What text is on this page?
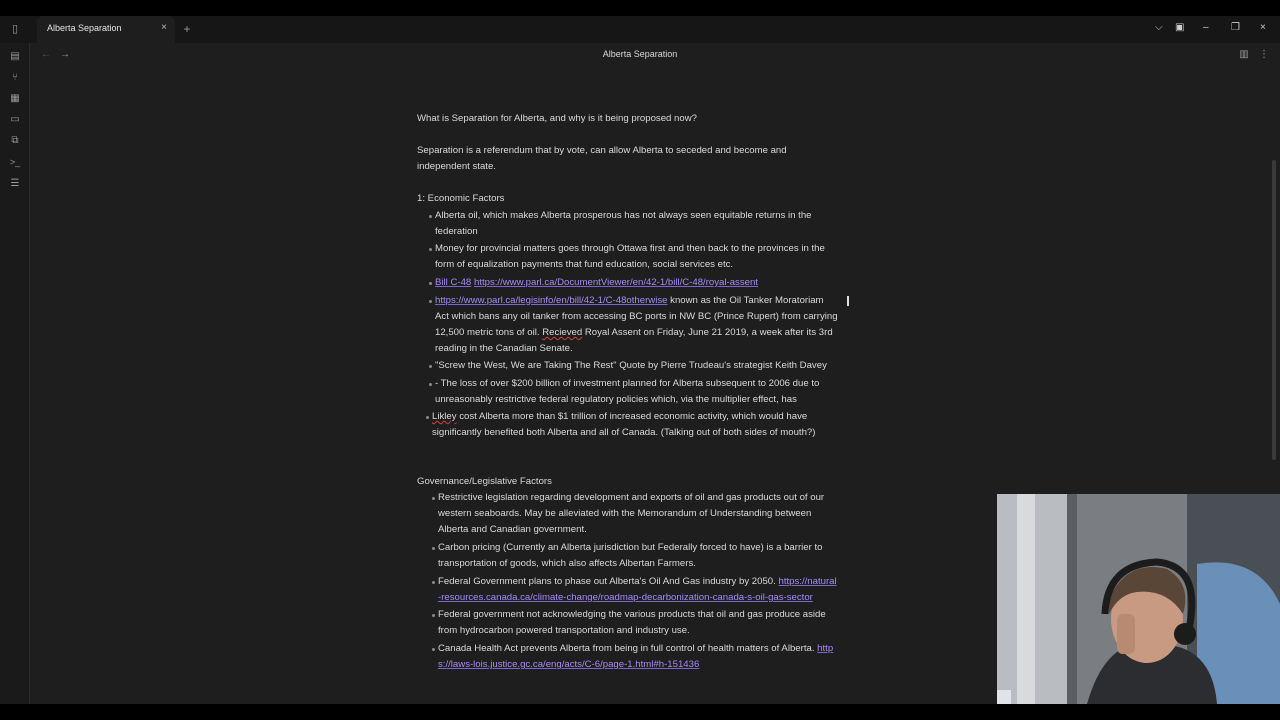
▯	Alberta Separation	× +	⌵ ▣ – ❐ ×
▤
⑂
▦
▭
⧉
>_
☰
← →	Alberta Separation	▥ ⋮
What is Separation for Alberta, and why is it being proposed now?
Separation is a referendum that by vote, can allow Alberta to seceded and become and
independent state.
1: Economic Factors
Alberta oil, which makes Alberta prosperous has not always seen equitable returns in the
federation
Money for provincial matters goes through Ottawa first and then back to the provinces in the
form of equalization payments that fund education, social services etc.
Bill C-48 https://www.parl.ca/DocumentViewer/en/42-1/bill/C-48/royal-assent
https://www.parl.ca/legisinfo/en/bill/42-1/C-48otherwise known as the Oil Tanker Moratoriam
Act which bans any oil tanker from accessing BC ports in NW BC (Prince Rupert) from carrying
12,500 metric tons of oil. Recieved Royal Assent on Friday, June 21 2019, a week after its 3rd
reading in the Canadian Senate.
"Screw the West, We are Taking The Rest" Quote by Pierre Trudeau's strategist Keith Davey
- The loss of over $200 billion of investment planned for Alberta subsequent to 2006 due to
unreasonably restrictive federal regulatory policies which, via the multiplier effect, has
Likley cost Alberta more than $1 trillion of increased economic activity, which would have
significantly benefited both Alberta and all of Canada. (Talking out of both sides of mouth?)
Governance/Legislative Factors
Restrictive legislation regarding development and exports of oil and gas products out of our
western seaboards. May be alleviated with the Memorandum of Understanding between
Alberta and Canadian government.
Carbon pricing (Currently an Alberta jurisdiction but Federally forced to have) is a barrier to
transportation of goods, which also affects Albertan Farmers.
Federal Government plans to phase out Alberta's Oil And Gas industry by 2050. https://natural
-resources.canada.ca/climate-change/roadmap-decarbonization-canada-s-oil-gas-sector
Federal government not acknowledging the various products that oil and gas produce aside
from hydrocarbon powered transportation and industry use.
Canada Health Act prevents Alberta from being in full control of health matters of Alberta. http
s://laws-lois.justice.gc.ca/eng/acts/C-6/page-1.html#h-151436
